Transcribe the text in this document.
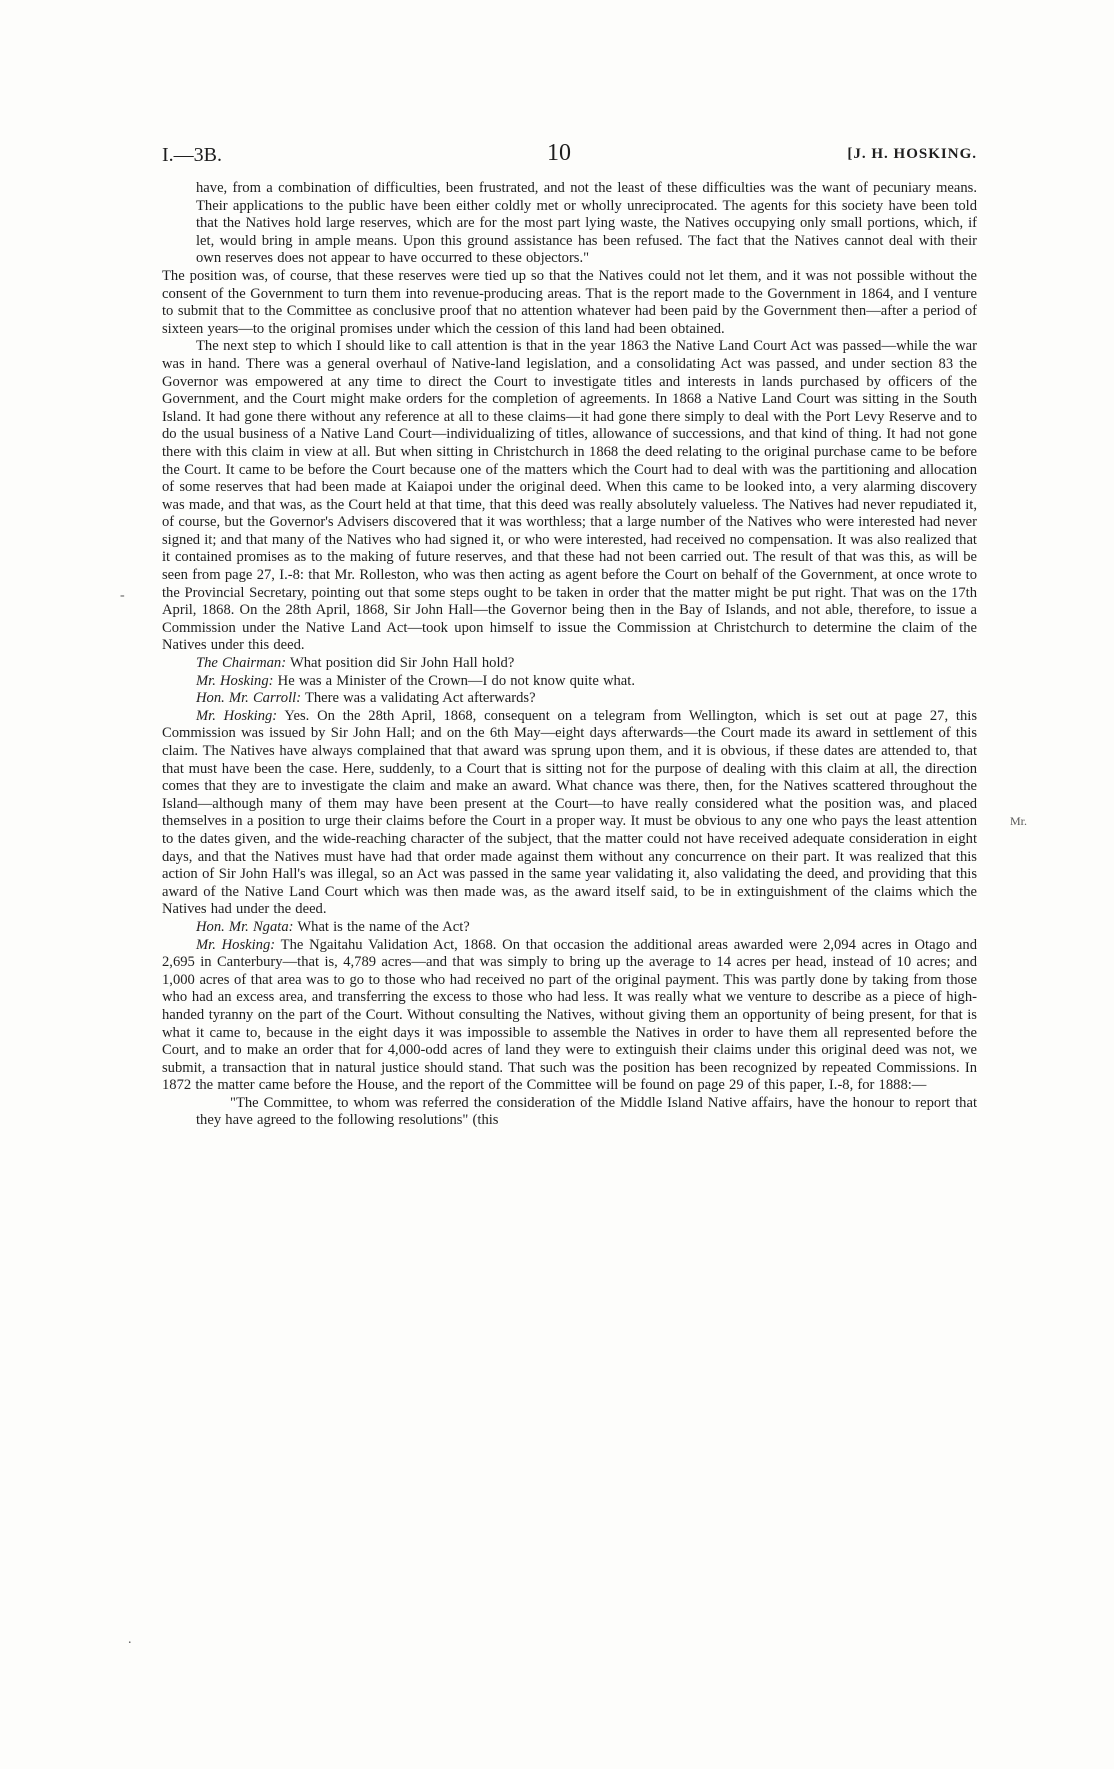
I.—3B.	10	[J. H. HOSKING.

have, from a combination of difficulties, been frustrated, and not the least of these difficulties was the want of pecuniary means. Their applications to the public have been either coldly met or wholly unreciprocated. The agents for this society have been told that the Natives hold large reserves, which are for the most part lying waste, the Natives occupying only small portions, which, if let, would bring in ample means. Upon this ground assistance has been refused. The fact that the Natives cannot deal with their own reserves does not appear to have occurred to these objectors."

The position was, of course, that these reserves were tied up so that the Natives could not let them, and it was not possible without the consent of the Government to turn them into revenue-producing areas. That is the report made to the Government in 1864, and I venture to submit that to the Committee as conclusive proof that no attention whatever had been paid by the Government then—after a period of sixteen years—to the original promises under which the cession of this land had been obtained.

The next step to which I should like to call attention is that in the year 1863 the Native Land Court Act was passed—while the war was in hand. There was a general overhaul of Native-land legislation, and a consolidating Act was passed, and under section 83 the Governor was empowered at any time to direct the Court to investigate titles and interests in lands purchased by officers of the Government, and the Court might make orders for the completion of agreements. In 1868 a Native Land Court was sitting in the South Island. It had gone there without any reference at all to these claims—it had gone there simply to deal with the Port Levy Reserve and to do the usual business of a Native Land Court—individualizing of titles, allowance of successions, and that kind of thing. It had not gone there with this claim in view at all. But when sitting in Christchurch in 1868 the deed relating to the original purchase came to be before the Court. It came to be before the Court because one of the matters which the Court had to deal with was the partitioning and allocation of some reserves that had been made at Kaiapoi under the original deed. When this came to be looked into, a very alarming discovery was made, and that was, as the Court held at that time, that this deed was really absolutely valueless. The Natives had never repudiated it, of course, but the Governor's Advisers discovered that it was worthless; that a large number of the Natives who were interested had never signed it; and that many of the Natives who had signed it, or who were interested, had received no compensation. It was also realized that it contained promises as to the making of future reserves, and that these had not been carried out. The result of that was this, as will be seen from page 27, I.-8: that Mr. Rolleston, who was then acting as agent before the Court on behalf of the Government, at once wrote to the Provincial Secretary, pointing out that some steps ought to be taken in order that the matter might be put right. That was on the 17th April, 1868. On the 28th April, 1868, Sir John Hall—the Governor being then in the Bay of Islands, and not able, therefore, to issue a Commission under the Native Land Act—took upon himself to issue the Commission at Christchurch to determine the claim of the Natives under this deed.

The Chairman: What position did Sir John Hall hold?

Mr. Hosking: He was a Minister of the Crown—I do not know quite what.

Hon. Mr. Carroll: There was a validating Act afterwards?

Mr. Hosking: Yes. On the 28th April, 1868, consequent on a telegram from Wellington, which is set out at page 27, this Commission was issued by Sir John Hall; and on the 6th May—eight days afterwards—the Court made its award in settlement of this claim. The Natives have always complained that that award was sprung upon them, and it is obvious, if these dates are attended to, that that must have been the case. Here, suddenly, to a Court that is sitting not for the purpose of dealing with this claim at all, the direction comes that they are to investigate the claim and make an award. What chance was there, then, for the Natives scattered throughout the Island—although many of them may have been present at the Court—to have really considered what the position was, and placed themselves in a position to urge their claims before the Court in a proper way. It must be obvious to any one who pays the least attention to the dates given, and the wide-reaching character of the subject, that the matter could not have received adequate consideration in eight days, and that the Natives must have had that order made against them without any concurrence on their part. It was realized that this action of Sir John Hall's was illegal, so an Act was passed in the same year validating it, also validating the deed, and providing that this award of the Native Land Court which was then made was, as the award itself said, to be in extinguishment of the claims which the Natives had under the deed.

Hon. Mr. Ngata: What is the name of the Act?

Mr. Hosking: The Ngaitahu Validation Act, 1868. On that occasion the additional areas awarded were 2,094 acres in Otago and 2,695 in Canterbury—that is, 4,789 acres—and that was simply to bring up the average to 14 acres per head, instead of 10 acres; and 1,000 acres of that area was to go to those who had received no part of the original payment. This was partly done by taking from those who had an excess area, and transferring the excess to those who had less. It was really what we venture to describe as a piece of high-handed tyranny on the part of the Court. Without consulting the Natives, without giving them an opportunity of being present, for that is what it came to, because in the eight days it was impossible to assemble the Natives in order to have them all represented before the Court, and to make an order that for 4,000-odd acres of land they were to extinguish their claims under this original deed was not, we submit, a transaction that in natural justice should stand. That such was the position has been recognized by repeated Commissions. In 1872 the matter came before the House, and the report of the Committee will be found on page 29 of this paper, I.-8, for 1888:—

"The Committee, to whom was referred the consideration of the Middle Island Native affairs, have the honour to report that they have agreed to the following resolutions" (this

-
Mr.
.
